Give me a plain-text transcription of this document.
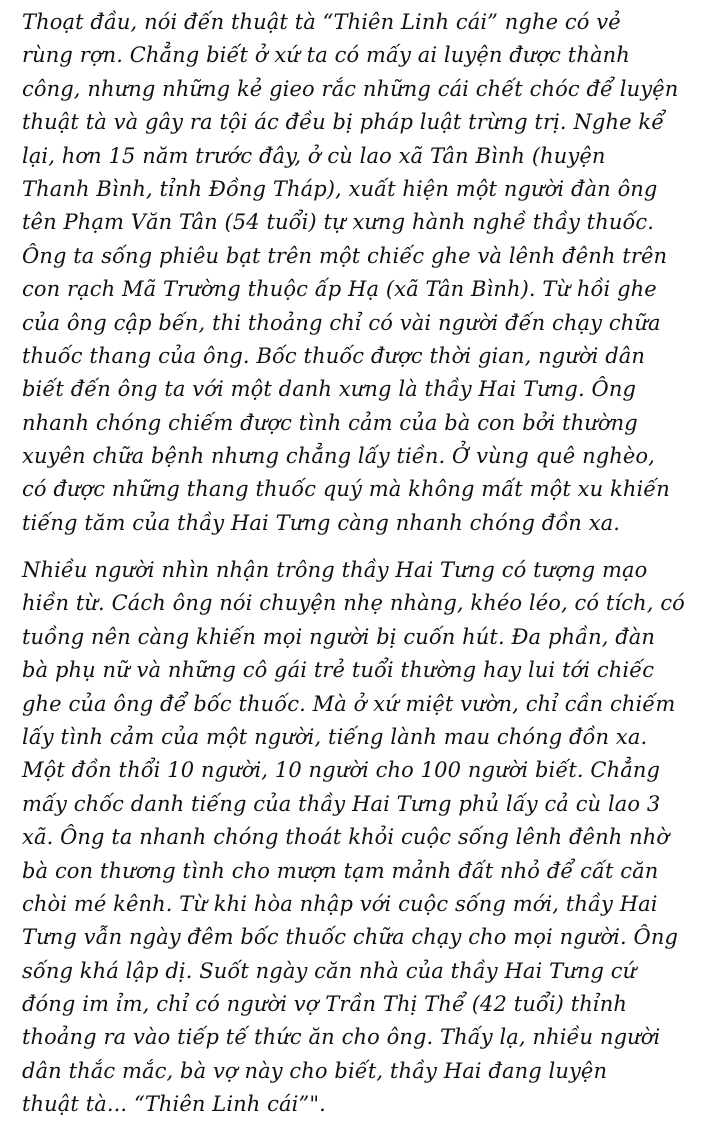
Thoạt đầu, nói đến thuật tà “Thiên Linh cái” nghe có vẻ
rùng rợn. Chẳng biết ở xứ ta có mấy ai luyện được thành
công, nhưng những kẻ gieo rắc những cái chết chóc để luyện
thuật tà và gây ra tội ác đều bị pháp luật trừng trị. Nghe kể
lại, hơn 15 năm trước đây, ở cù lao xã Tân Bình (huyện
Thanh Bình, tỉnh Đồng Tháp), xuất hiện một người đàn ông
tên Phạm Văn Tân (54 tuổi) tự xưng hành nghề thầy thuốc.
Ông ta sống phiêu bạt trên một chiếc ghe và lênh đênh trên
con rạch Mã Trường thuộc ấp Hạ (xã Tân Bình). Từ hồi ghe
của ông cập bến, thi thoảng chỉ có vài người đến chạy chữa
thuốc thang của ông. Bốc thuốc được thời gian, người dân
biết đến ông ta với một danh xưng là thầy Hai Tưng. Ông
nhanh chóng chiếm được tình cảm của bà con bởi thường
xuyên chữa bệnh nhưng chẳng lấy tiền. Ở vùng quê nghèo,
có được những thang thuốc quý mà không mất một xu khiến
tiếng tăm của thầy Hai Tưng càng nhanh chóng đồn xa.
Nhiều người nhìn nhận trông thầy Hai Tưng có tượng mạo
hiền từ. Cách ông nói chuyện nhẹ nhàng, khéo léo, có tích, có
tuồng nên càng khiến mọi người bị cuốn hút. Đa phần, đàn
bà phụ nữ và những cô gái trẻ tuổi thường hay lui tới chiếc
ghe của ông để bốc thuốc. Mà ở xứ miệt vườn, chỉ cần chiếm
lấy tình cảm của một người, tiếng lành mau chóng đồn xa.
Một đồn thổi 10 người, 10 người cho 100 người biết. Chẳng
mấy chốc danh tiếng của thầy Hai Tưng phủ lấy cả cù lao 3
xã. Ông ta nhanh chóng thoát khỏi cuộc sống lênh đênh nhờ
bà con thương tình cho mượn tạm mảnh đất nhỏ để cất căn
chòi mé kênh. Từ khi hòa nhập với cuộc sống mới, thầy Hai
Tưng vẫn ngày đêm bốc thuốc chữa chạy cho mọi người. Ông
sống khá lập dị. Suốt ngày căn nhà của thầy Hai Tưng cứ
đóng im ỉm, chỉ có người vợ Trần Thị Thể (42 tuổi) thỉnh
thoảng ra vào tiếp tế thức ăn cho ông. Thấy lạ, nhiều người
dân thắc mắc, bà vợ này cho biết, thầy Hai đang luyện
thuật tà... “Thiên Linh cái”".
